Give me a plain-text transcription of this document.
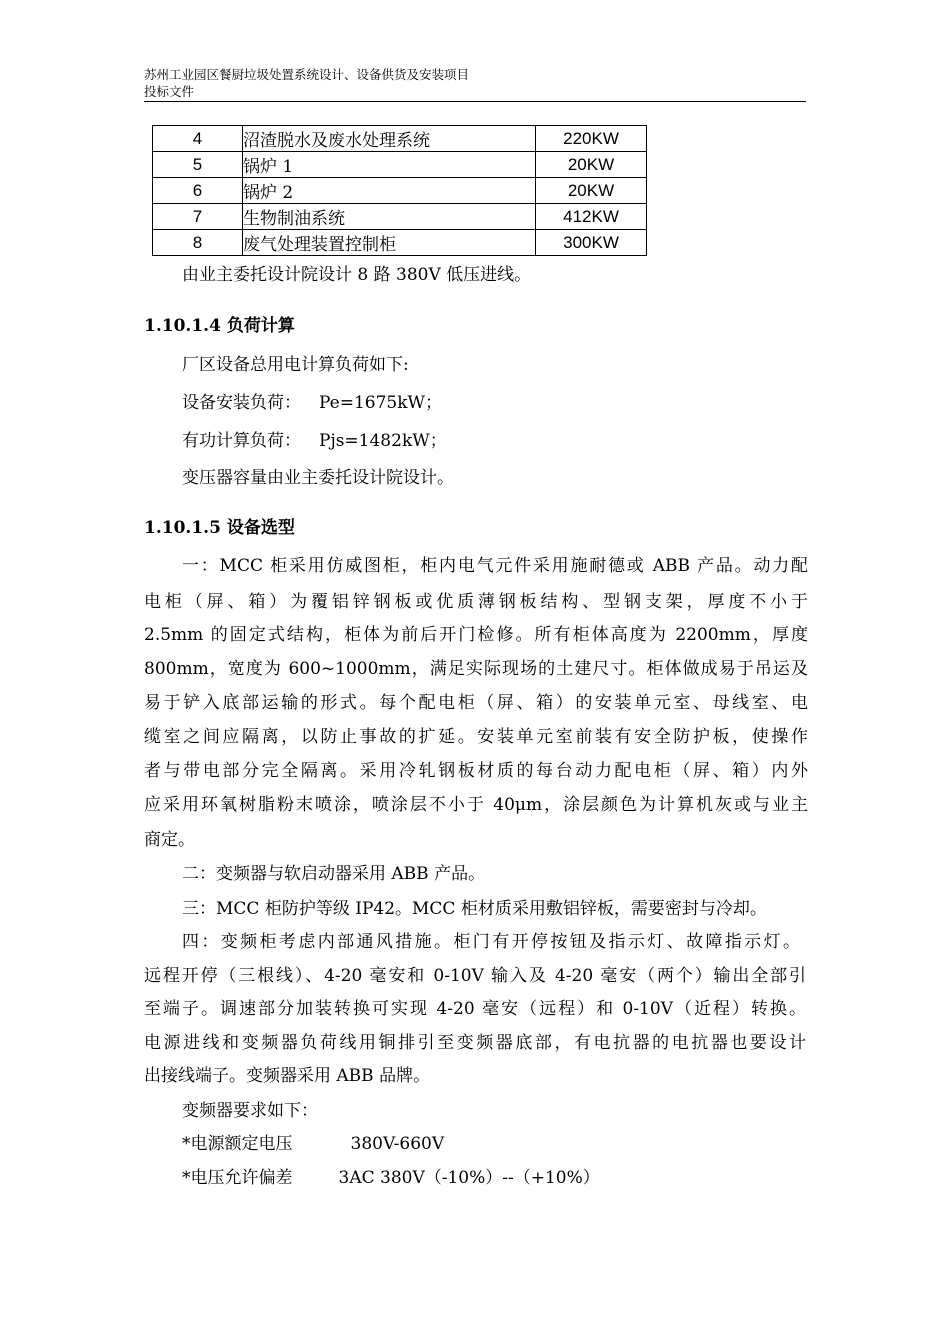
苏州工业园区餐厨垃圾处置系统设计、设备供货及安装项目
投标文件
4	沼渣脱水及废水处理系统	220KW
5	锅炉 1	20KW
6	锅炉 2	20KW
7	生物制油系统	412KW
8	废气处理装置控制柜	300KW
由业主委托设计院设计 8 路 380V 低压进线。
1.10.1.4 负荷计算
厂区设备总用电计算负荷如下:
设备安装负荷： Pe=1675kW；
有功计算负荷： Pjs=1482kW；
变压器容量由业主委托设计院设计。
1.10.1.5 设备选型
一：MCC 柜采用仿威图柜，柜内电气元件采用施耐德或 ABB 产品。动力配
电柜（屏、箱）为覆铝锌钢板或优质薄钢板结构、型钢支架，厚度不小于
2.5mm 的固定式结构，柜体为前后开门检修。所有柜体高度为 2200mm，厚度
800mm，宽度为 600~1000mm，满足实际现场的土建尺寸。柜体做成易于吊运及
易于铲入底部运输的形式。每个配电柜（屏、箱）的安装单元室、母线室、电
缆室之间应隔离，以防止事故的扩延。安装单元室前装有安全防护板，使操作
者与带电部分完全隔离。采用冷轧钢板材质的每台动力配电柜（屏、箱）内外
应采用环氧树脂粉末喷涂，喷涂层不小于 40μm，涂层颜色为计算机灰或与业主
商定。
二：变频器与软启动器采用 ABB 产品。
三：MCC 柜防护等级 IP42。MCC 柜材质采用敷铝锌板，需要密封与冷却。
四：变频柜考虑内部通风措施。柜门有开停按钮及指示灯、故障指示灯。
远程开停（三根线）、4-20 毫安和 0-10V 输入及 4-20 毫安（两个）输出全部引
至端子。调速部分加装转换可实现 4-20 毫安（远程）和 0-10V（近程）转换。
电源进线和变频器负荷线用铜排引至变频器底部，有电抗器的电抗器也要设计
出接线端子。变频器采用 ABB 品牌。
变频器要求如下：
*电源额定电压	380V-660V
*电压允许偏差	3AC 380V（-10%）--（+10%）
